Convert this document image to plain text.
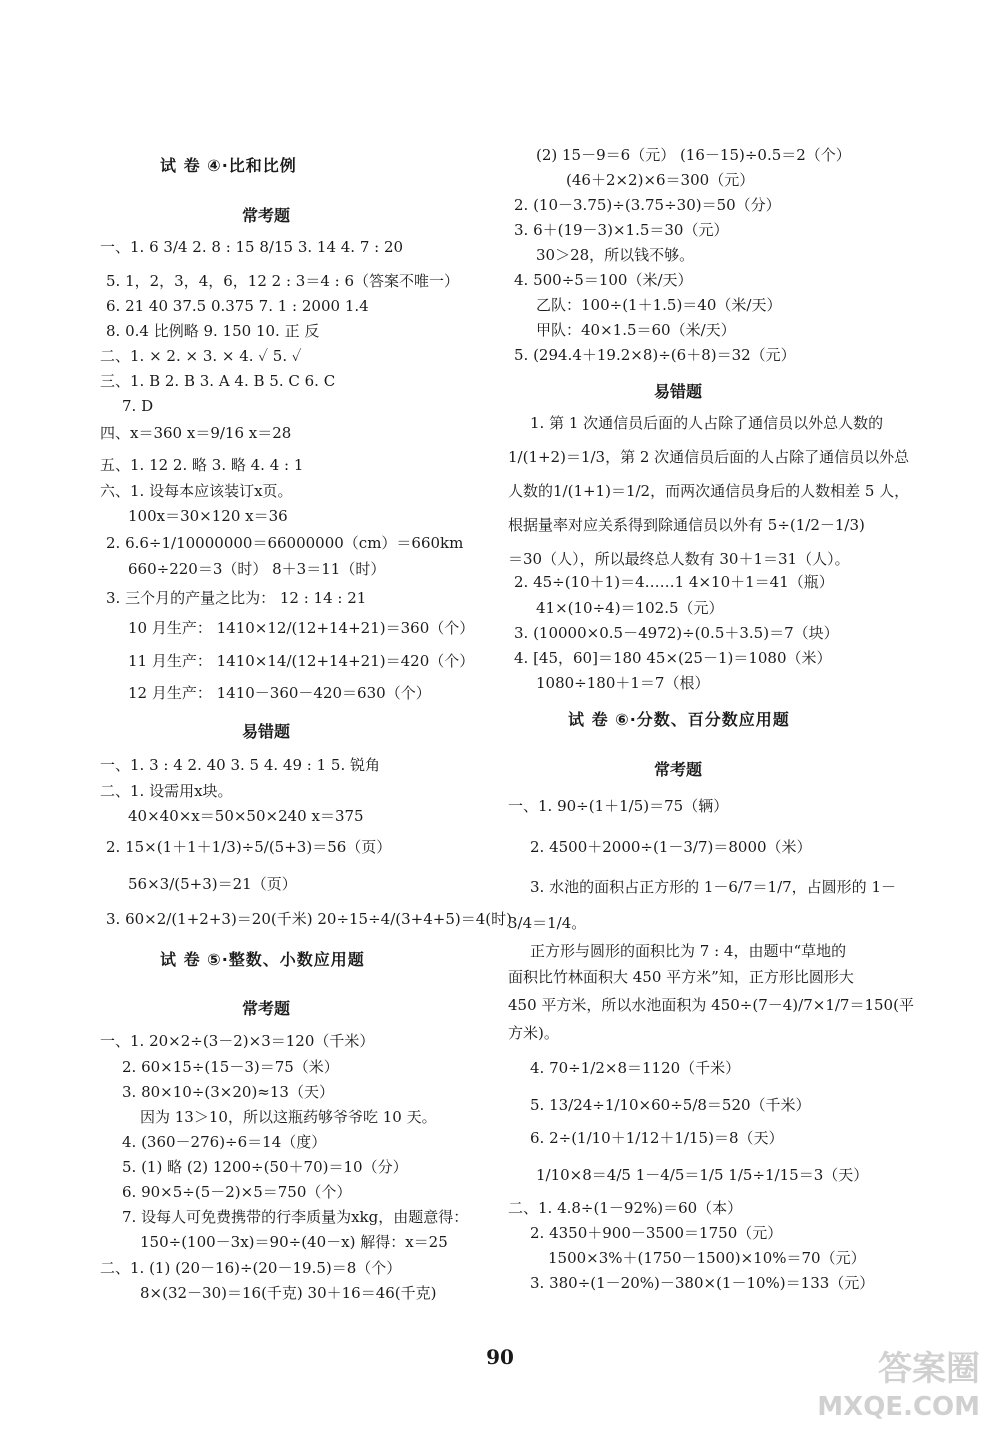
试 卷 ④·比和比例
常考题
一、1. 6 3/4 2. 8 : 15 8/15 3. 14 4. 7 : 20
5. 1，2，3，4，6，12 2 : 3＝4 : 6（答案不唯一）
6. 21 40 37.5 0.375 7. 1 : 2000 1.4
8. 0.4 比例略 9. 150 10. 正 反
二、1. × 2. × 3. × 4. ✓ 5. ✓
三、1. B 2. B 3. A 4. B 5. C 6. C
7. D
四、x＝360 x＝9/16 x＝28
五、1. 12 2. 略 3. 略 4. 4 : 1
六、1. 设每本应该装订x页。
100x＝30×120 x＝36
2. 6.6÷1/10000000＝66000000（cm）＝660km
660÷220＝3（时） 8＋3＝11（时）
3. 三个月的产量之比为： 12 : 14 : 21
10 月生产： 1410×12/(12+14+21)＝360（个）
11 月生产： 1410×14/(12+14+21)＝420（个）
12 月生产： 1410－360－420＝630（个）
易错题
一、1. 3 : 4 2. 40 3. 5 4. 49 : 1 5. 锐角
二、1. 设需用x块。
40×40×x＝50×50×240 x＝375
2. 15×(1＋1＋1/3)÷5/(5+3)＝56（页）
56×3/(5+3)＝21（页）
3. 60×2/(1+2+3)＝20(千米) 20÷15÷4/(3+4+5)＝4(时)
试 卷 ⑤·整数、小数应用题
常考题
一、1. 20×2÷(3－2)×3＝120（千米）
2. 60×15÷(15－3)＝75（米）
3. 80×10÷(3×20)≈13（天）
因为 13＞10，所以这瓶药够爷爷吃 10 天。
4. (360－276)÷6＝14（度）
5. (1) 略 (2) 1200÷(50＋70)＝10（分）
6. 90×5÷(5－2)×5＝750（个）
7. 设每人可免费携带的行李质量为xkg，由题意得：
150÷(100－3x)＝90÷(40－x) 解得：x＝25
二、1. (1) (20－16)÷(20－19.5)＝8（个）
8×(32－30)＝16(千克) 30＋16＝46(千克)
(2) 15－9＝6（元） (16－15)÷0.5＝2（个）
(46＋2×2)×6＝300（元）
2. (10－3.75)÷(3.75÷30)＝50（分）
3. 6＋(19－3)×1.5＝30（元）
30＞28，所以钱不够。
4. 500÷5＝100（米/天）
乙队：100÷(1＋1.5)＝40（米/天）
甲队：40×1.5＝60（米/天）
5. (294.4＋19.2×8)÷(6＋8)＝32（元）
易错题
1. 第 1 次通信员后面的人占除了通信员以外总人数的
1/(1+2)＝1/3，第 2 次通信员后面的人占除了通信员以外总
人数的1/(1+1)＝1/2，而两次通信员身后的人数相差 5 人，
根据量率对应关系得到除通信员以外有 5÷(1/2－1/3)
＝30（人），所以最终总人数有 30＋1＝31（人）。
2. 45÷(10＋1)＝4……1 4×10＋1＝41（瓶）
41×(10÷4)＝102.5（元）
3. (10000×0.5－4972)÷(0.5＋3.5)＝7（块）
4. [45，60]＝180 45×(25－1)＝1080（米）
1080÷180＋1＝7（根）
试 卷 ⑥·分数、百分数应用题
常考题
一、1. 90÷(1＋1/5)＝75（辆）
2. 4500＋2000÷(1－3/7)＝8000（米）
3. 水池的面积占正方形的 1－6/7＝1/7，占圆形的 1－
3/4＝1/4。
正方形与圆形的面积比为 7 : 4，由题中“草地的
面积比竹林面积大 450 平方米”知，正方形比圆形大
450 平方米，所以水池面积为 450÷(7－4)/7×1/7＝150(平
方米)。
4. 70÷1/2×8＝1120（千米）
5. 13/24÷1/10×60÷5/8＝520（千米）
6. 2÷(1/10＋1/12＋1/15)＝8（天）
1/10×8＝4/5 1－4/5＝1/5 1/5÷1/15＝3（天）
二、1. 4.8÷(1－92%)＝60（本）
2. 4350＋900－3500＝1750（元）
1500×3%＋(1750－1500)×10%＝70（元）
3. 380÷(1－20%)－380×(1－10%)＝133（元）
90	答案圈
MXQE.COM
